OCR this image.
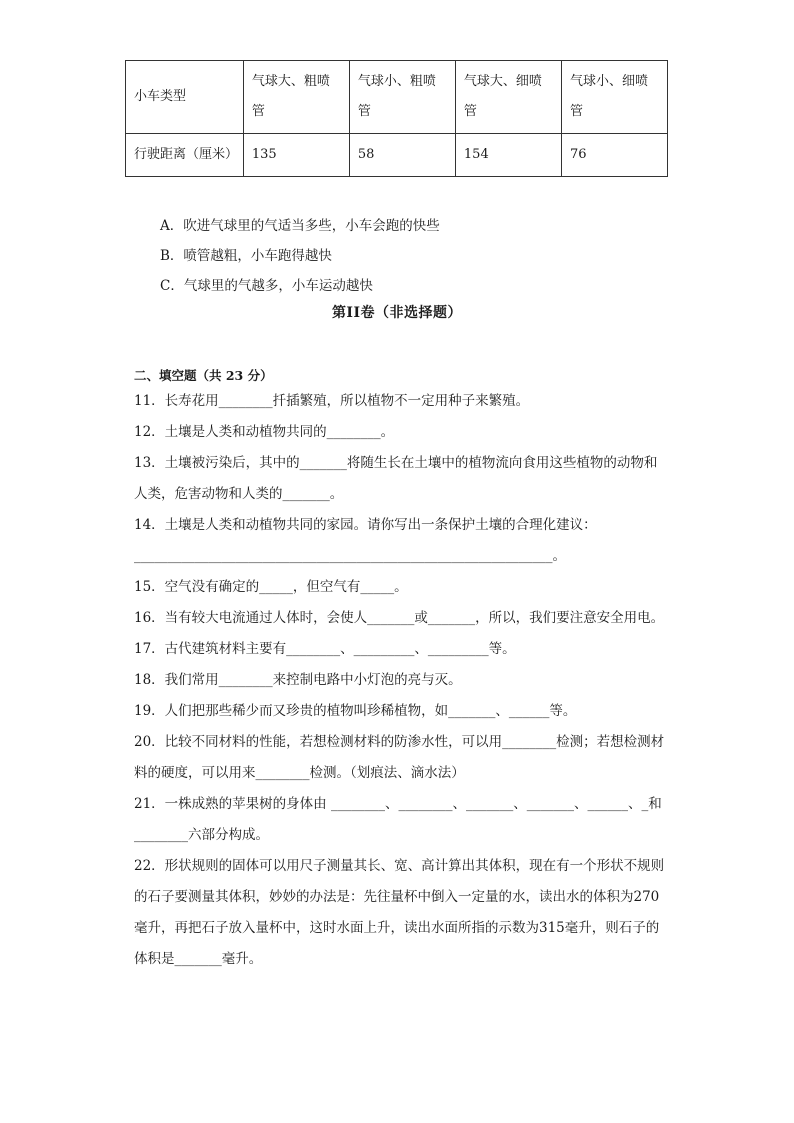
小车类型	气球大、粗喷管	气球小、粗喷管	气球大、细喷管	气球小、细喷管
行驶距离（厘米）	135	58	154	76
A．吹进气球里的气适当多些，小车会跑的快些
B．喷管越粗，小车跑得越快
C．气球里的气越多，小车运动越快
第II卷（非选择题）
二、填空题（共 23 分）
11．长寿花用________扦插繁殖，所以植物不一定用种子来繁殖。
12．土壤是人类和动植物共同的________。
13．土壤被污染后，其中的_______将随生长在土壤中的植物流向食用这些植物的动物和人类，危害动物和人类的_______。
14．土壤是人类和动植物共同的家园。请你写出一条保护土壤的合理化建议：______________________________________________________________。
15．空气没有确定的_____，但空气有_____。
16．当有较大电流通过人体时，会使人_______或_______，所以，我们要注意安全用电。
17．古代建筑材料主要有________、_________、_________等。
18．我们常用________来控制电路中小灯泡的亮与灭。
19．人们把那些稀少而又珍贵的植物叫珍稀植物，如_______、______等。
20．比较不同材料的性能，若想检测材料的防渗水性，可以用________检测；若想检测材料的硬度，可以用来________检测。（划痕法、滴水法）
21．一株成熟的苹果树的身体由 ________、________、_______、_______、______、_和________六部分构成。
22．形状规则的固体可以用尺子测量其长、宽、高计算出其体积，现在有一个形状不规则的石子要测量其体积，妙妙的办法是：先往量杯中倒入一定量的水，读出水的体积为270毫升，再把石子放入量杯中，这时水面上升，读出水面所指的示数为315毫升，则石子的体积是_______毫升。
